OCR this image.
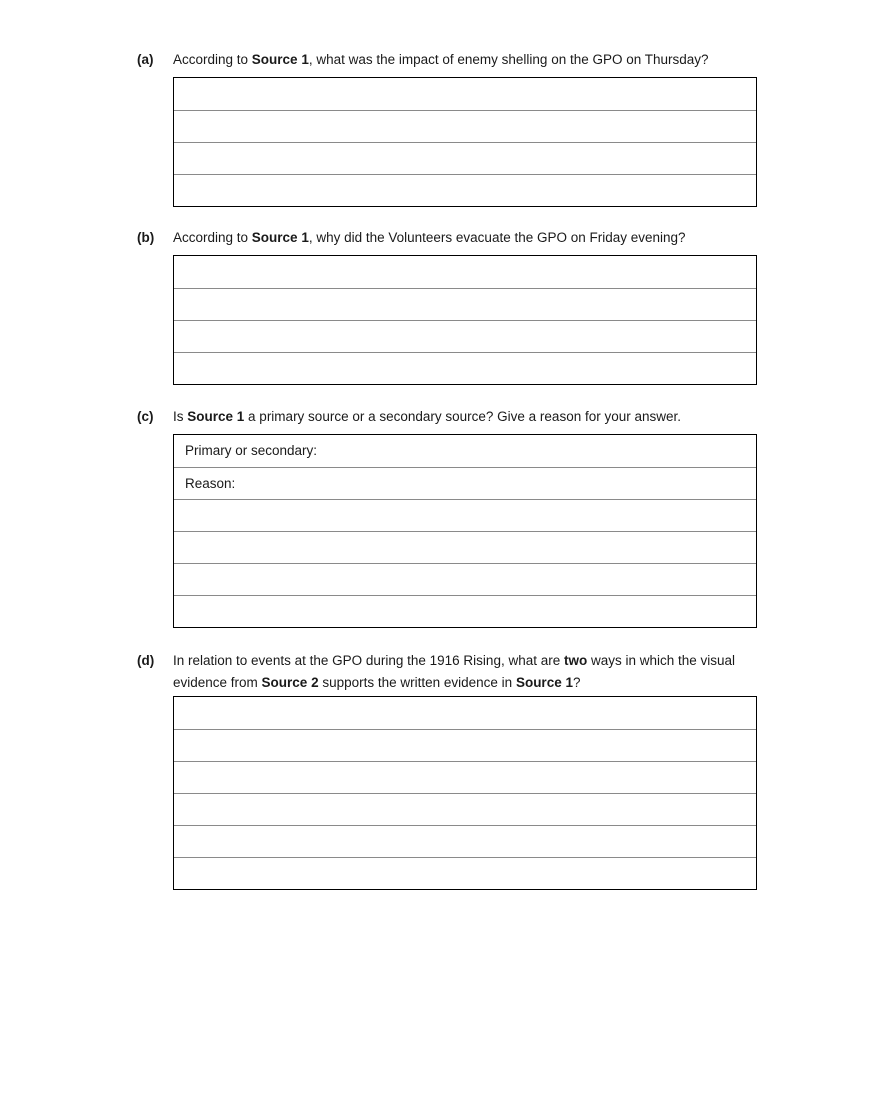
(a) According to Source 1, what was the impact of enemy shelling on the GPO on Thursday?
(b) According to Source 1, why did the Volunteers evacuate the GPO on Friday evening?
(c) Is Source 1 a primary source or a secondary source? Give a reason for your answer.
Primary or secondary:
Reason:
(d) In relation to events at the GPO during the 1916 Rising, what are two ways in which the visual evidence from Source 2 supports the written evidence in Source 1?
